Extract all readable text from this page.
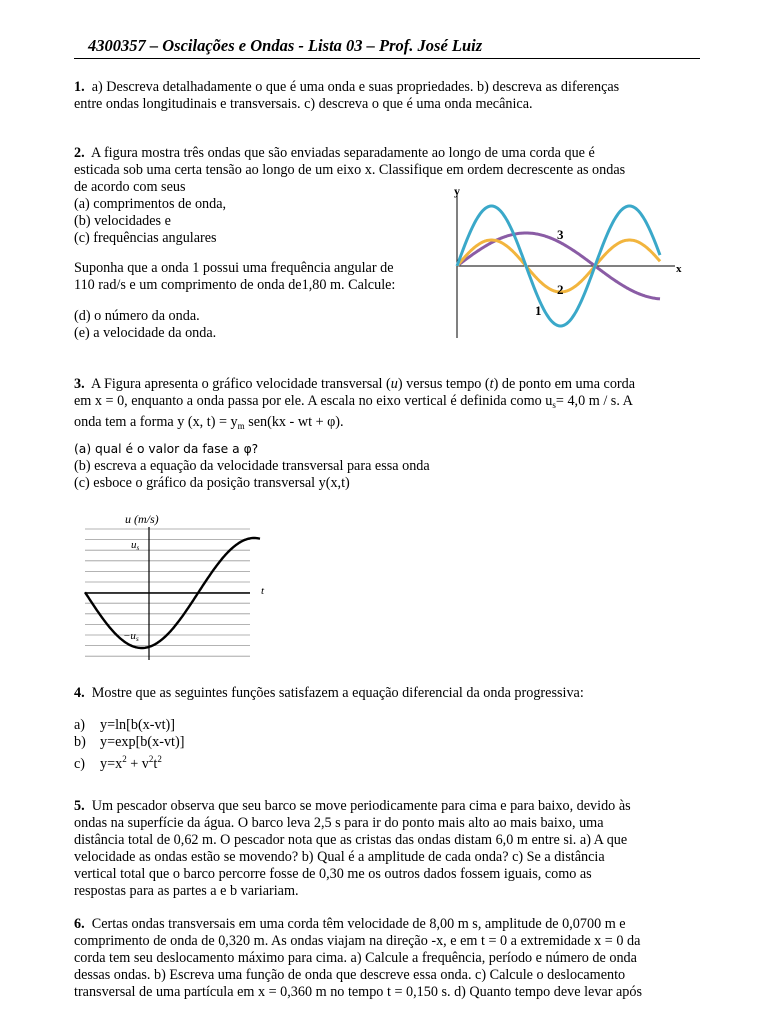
4300357 – Oscilações e Ondas - Lista 03 – Prof. José Luiz
1. a) Descreva detalhadamente o que é uma onda e suas propriedades. b) descreva as diferenças
entre ondas longitudinais e transversais. c) descreva o que é uma onda mecânica.
2. A figura mostra três ondas que são enviadas separadamente ao longo de uma corda que é
esticada sob uma certa tensão ao longo de um eixo x. Classifique em ordem decrescente as ondas
de acordo com seus
(a) comprimentos de onda,
(b) velocidades e
(c) frequências angulares
Suponha que a onda 1 possui uma frequência angular de
110 rad/s e um comprimento de onda de1,80 m. Calcule:
(d) o número da onda.
(e) a velocidade da onda.
y
x
3
2
1
3. A Figura apresenta o gráfico velocidade transversal (u) versus tempo (t) de ponto em uma corda
em x = 0, enquanto a onda passa por ele. A escala no eixo vertical é definida como $u_s= 4,0$ m / s. A
onda tem a forma y (x, $t) = y_m$ sen(kx - wt + φ).
(a) qual é o valor da fase a φ?
(b) escreva a equação da velocidade transversal para essa onda
(c) esboce o gráfico da posição transversal y(x,t)
u (m/s)
us
−us
t
4. Mostre que as seguintes funções satisfazem a equação diferencial da onda progressiva:
a) y=ln[b(x-vt)]
b) y=exp[b(x-vt)]
c) $y=x^2 + v^2t^2$
5. Um pescador observa que seu barco se move periodicamente para cima e para baixo, devido às
ondas na superfície da água. O barco leva 2,5 s para ir do ponto mais alto ao mais baixo, uma
distância total de 0,62 m. O pescador nota que as cristas das ondas distam 6,0 m entre si. a) A que
velocidade as ondas estão se movendo? b) Qual é a amplitude de cada onda? c) Se a distância
vertical total que o barco percorre fosse de 0,30 me os outros dados fossem iguais, como as
respostas para as partes a e b variariam.
6. Certas ondas transversais em uma corda têm velocidade de 8,00 m s, amplitude de 0,0700 m e
comprimento de onda de 0,320 m. As ondas viajam na direção -x, e em t = 0 a extremidade x = 0 da
corda tem seu deslocamento máximo para cima. a) Calcule a frequência, período e número de onda
dessas ondas. b) Escreva uma função de onda que descreve essa onda. c) Calcule o deslocamento
transversal de uma partícula em x = 0,360 m no tempo t = 0,150 s. d) Quanto tempo deve levar após
